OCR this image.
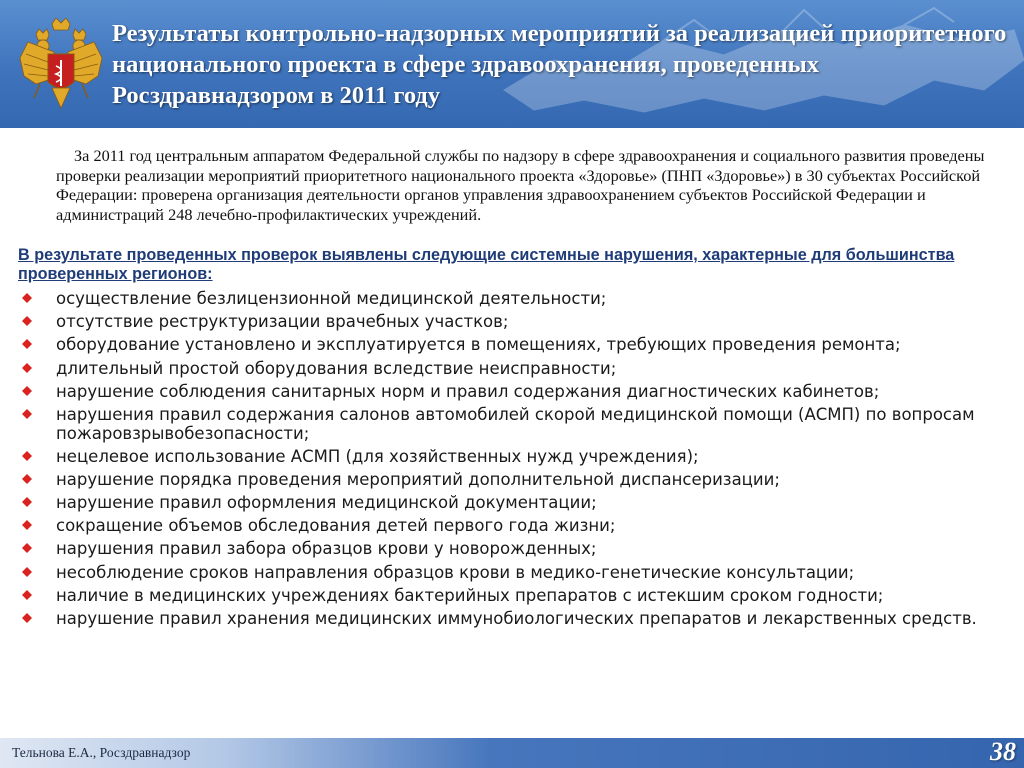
Результаты контрольно-надзорных мероприятий за реализацией приоритетного национального проекта в сфере здравоохранения, проведенных Росздравнадзором в 2011 году
За 2011 год центральным аппаратом Федеральной службы по надзору в сфере здравоохранения и социального развития проведены проверки реализации мероприятий приоритетного национального проекта «Здоровье» (ПНП «Здоровье») в 30 субъектах Российской Федерации: проверена организация деятельности органов управления здравоохранением субъектов Российской Федерации и администраций 248 лечебно-профилактических учреждений.
В результате проведенных проверок выявлены следующие системные нарушения, характерные для большинства проверенных регионов:
осуществление безлицензионной медицинской деятельности;
отсутствие реструктуризации врачебных участков;
оборудование установлено и эксплуатируется в помещениях, требующих проведения ремонта;
длительный простой оборудования вследствие неисправности;
нарушение соблюдения санитарных норм и правил содержания диагностических кабинетов;
нарушения правил содержания салонов автомобилей скорой медицинской помощи (АСМП) по вопросам пожаровзрывобезопасности;
нецелевое использование АСМП (для хозяйственных нужд учреждения);
нарушение порядка проведения мероприятий дополнительной диспансеризации;
нарушение правил оформления медицинской документации;
сокращение объемов обследования детей первого года жизни;
нарушения правил забора образцов крови у новорожденных;
несоблюдение сроков направления образцов крови в медико-генетические консультации;
наличие в медицинских учреждениях бактерийных препаратов с истекшим сроком годности;
нарушение правил хранения медицинских иммунобиологических препаратов и лекарственных средств.
Тельнова Е.А., Росздравнадзор	38
